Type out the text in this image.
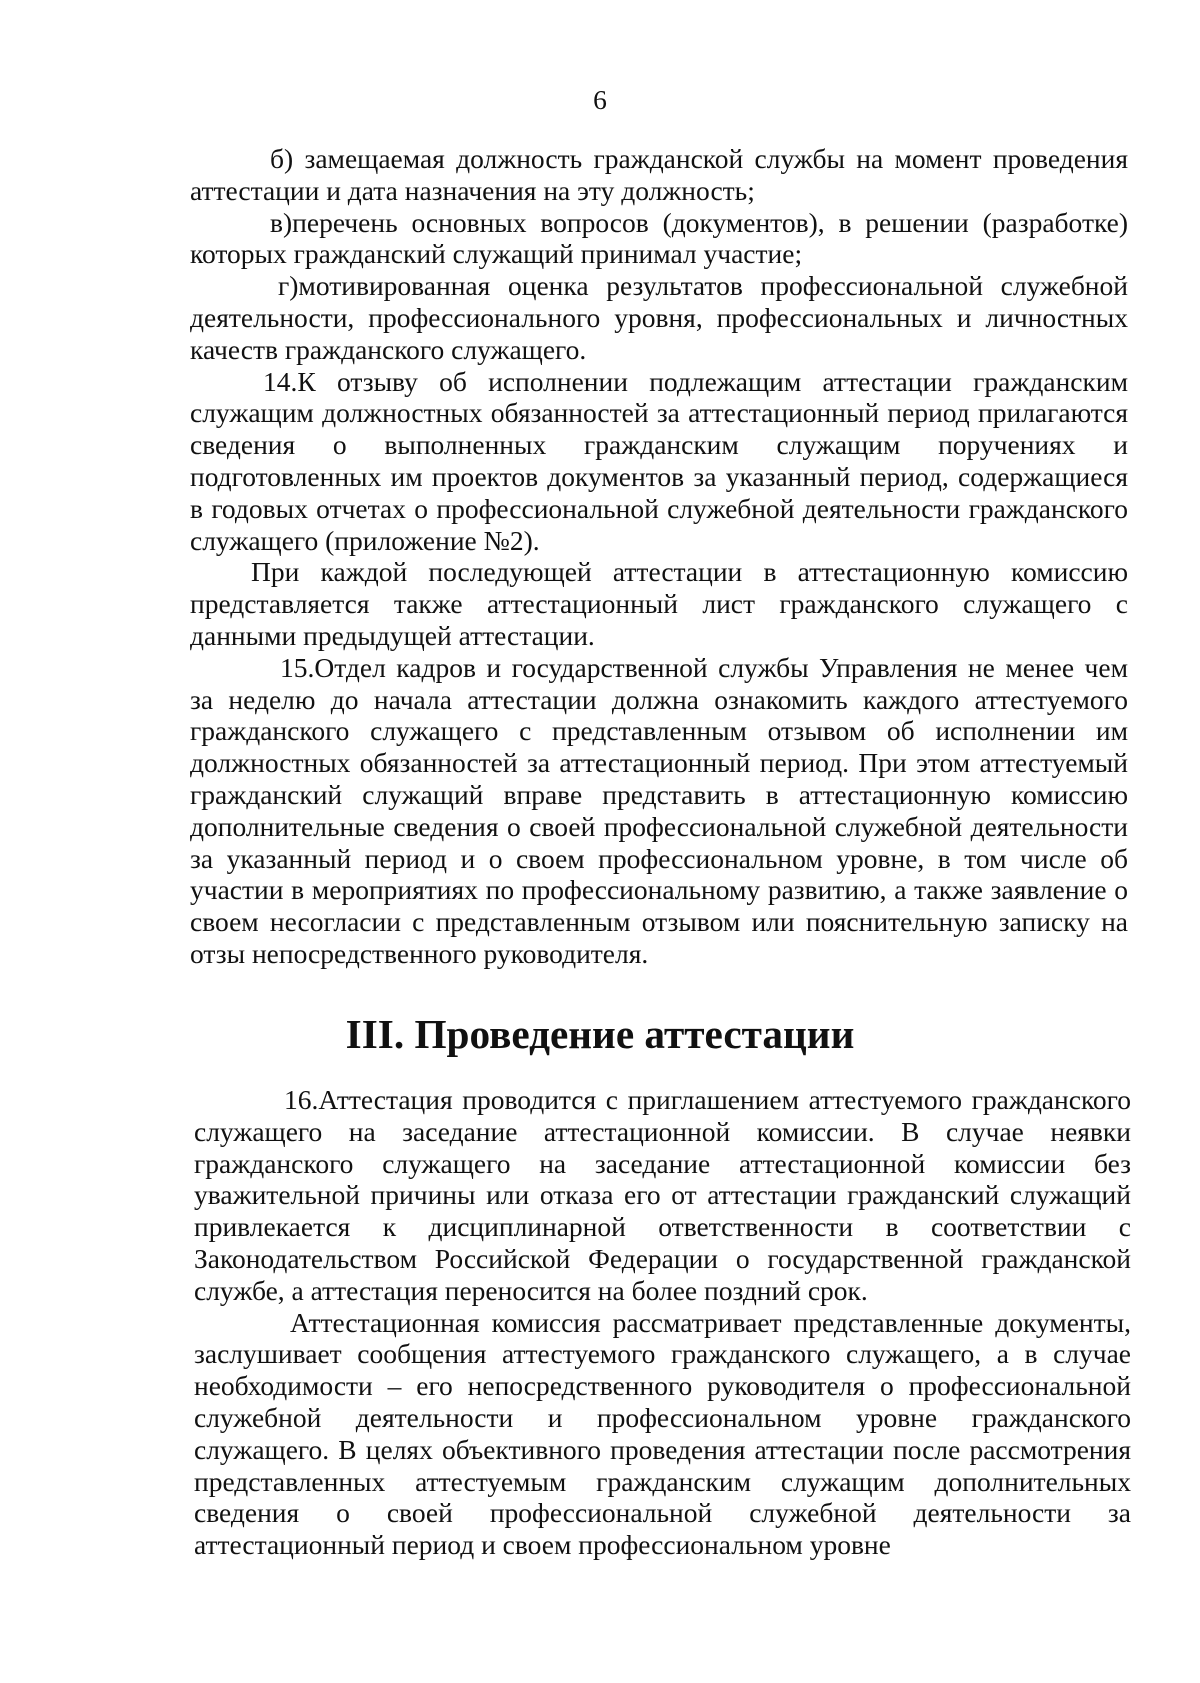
6

б) замещаемая должность гражданской службы на момент проведения аттестации и дата назначения на эту должность;

в)перечень основных вопросов (документов), в решении (разработке) которых гражданский служащий принимал участие;

г)мотивированная оценка результатов профессиональной служебной деятельности, профессионального уровня, профессиональных и личностных качеств гражданского служащего.

14.К отзыву об исполнении подлежащим аттестации гражданским служащим должностных обязанностей за аттестационный период прилагаются сведения о выполненных гражданским служащим поручениях и подготовленных им проектов документов за указанный период, содержащиеся в годовых отчетах о профессиональной служебной деятельности гражданского служащего (приложение №2).

При каждой последующей аттестации в аттестационную комиссию представляется также аттестационный лист гражданского служащего с данными предыдущей аттестации.

15.Отдел кадров и государственной службы Управления не менее чем за неделю до начала аттестации должна ознакомить каждого аттестуемого гражданского служащего с представленным отзывом об исполнении им должностных обязанностей за аттестационный период. При этом аттестуемый гражданский служащий вправе представить в аттестационную комиссию дополнительные сведения о своей профессиональной служебной деятельности за указанный период и о своем профессиональном уровне, в том числе об участии в мероприятиях по профессиональному развитию, а также заявление о своем несогласии с представленным отзывом или пояснительную записку на отзы непосредственного руководителя.

III. Проведение аттестации

16.Аттестация проводится с приглашением аттестуемого гражданского служащего на заседание аттестационной комиссии. В случае неявки гражданского служащего на заседание аттестационной комиссии без уважительной причины или отказа его от аттестации гражданский служащий привлекается к дисциплинарной ответственности в соответствии с Законодательством Российской Федерации о государственной гражданской службе, а аттестация переносится на более поздний срок.

Аттестационная комиссия рассматривает представленные документы, заслушивает сообщения аттестуемого гражданского служащего, а в случае необходимости – его непосредственного руководителя о профессиональной служебной деятельности и профессиональном уровне гражданского служащего. В целях объективного проведения аттестации после рассмотрения представленных аттестуемым гражданским служащим дополнительных сведения о своей профессиональной служебной деятельности за аттестационный период и своем профессиональном уровне
